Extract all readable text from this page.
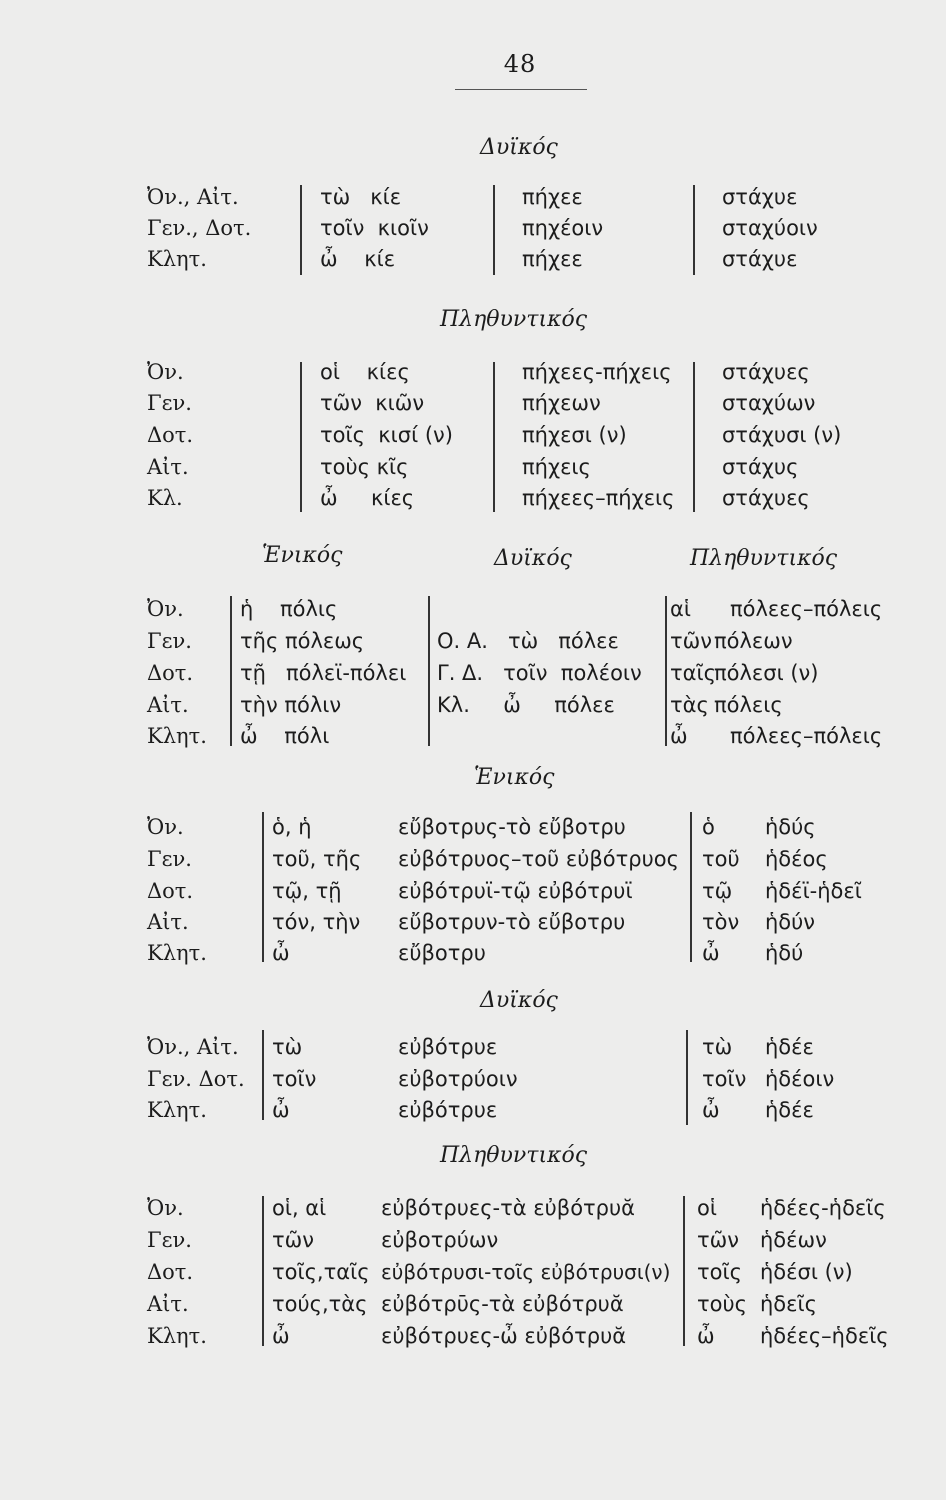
48
Δυϊκός
Ὀν., Αἰτ.
Γεν., Δοτ.
Κλητ.
τὼ   κίε
τοῖν  κιοῖν
ὦ    κίε
πήχεε
πηχέοιν
πήχεε
στάχυε
σταχύοιν
στάχυε
Πληθυντικός
Ὀν.
Γεν.
Δοτ.
Αἰτ.
Κλ.
οἱ    κίες
τῶν  κιῶν
τοῖς  κισί (ν)
τοὺς κῖς
ὦ     κίες
πήχεες-πήχεις
πήχεων
πήχεσι (ν)
πήχεις
πήχεες–πήχεις
στάχυες
σταχύων
στάχυσι (ν)
στάχυς
στάχυες
Ἑνικός	Δυϊκός	Πληθυντικός
Ὀν.
Γεν.
Δοτ.
Αἰτ.
Κλητ.
ἡ    πόλις
τῆς πόλεως
τῇ   πόλεϊ-πόλει
τὴν πόλιν
ὦ    πόλι
Ο. Α.   τὼ   πόλεε
Γ. Δ.   τοῖν  πολέοιν
Κλ.     ὦ     πόλεε
αἱ
τῶν
ταῖς
τὰς
ὦ
πόλεες–πόλεις
πόλεων
πόλεσι (ν)
πόλεις
πόλεες–πόλεις
Ἑνικός
Ὀν.
Γεν.
Δοτ.
Αἰτ.
Κλητ.
ὁ, ἡ
τοῦ, τῆς
τῷ, τῇ
τόν, τὴν
ὦ
εὔβοτρυς-τὸ εὔβοτρυ
εὐβότρυος–τοῦ εὐβότρυος
εὐβότρυϊ-τῷ εὐβότρυϊ
εὔβοτρυν-τὸ εὔβοτρυ
εὔβοτρυ
ὁ
τοῦ
τῷ
τὸν
ὦ
ἡδύς
ἡδέος
ἡδέϊ-ἡδεῖ
ἡδύν
ἡδύ
Δυϊκός
Ὀν., Αἰτ.
Γεν. Δοτ.
Κλητ.
τὼ
τοῖν
ὦ
εὐβότρυε
εὐβοτρύοιν
εὐβότρυε
τὼ
τοῖν
ὦ
ἡδέε
ἡδέοιν
ἡδέε
Πληθυντικός
Ὀν.
Γεν.
Δοτ.
Αἰτ.
Κλητ.
οἱ, αἱ
τῶν
τοῖς,ταῖς
τούς,τὰς
ὦ
εὐβότρυες-τὰ εὐβότρυᾰ
εὐβοτρύων
εὐβότρυσι-τοῖς εὐβότρυσι(ν)
εὐβότρῡς-τὰ εὐβότρυᾰ
εὐβότρυες-ὦ εὐβότρυᾰ
οἱ
τῶν
τοῖς
τοὺς
ὦ
ἡδέες-ἡδεῖς
ἡδέων
ἡδέσι (ν)
ἡδεῖς
ἡδέες–ἡδεῖς
